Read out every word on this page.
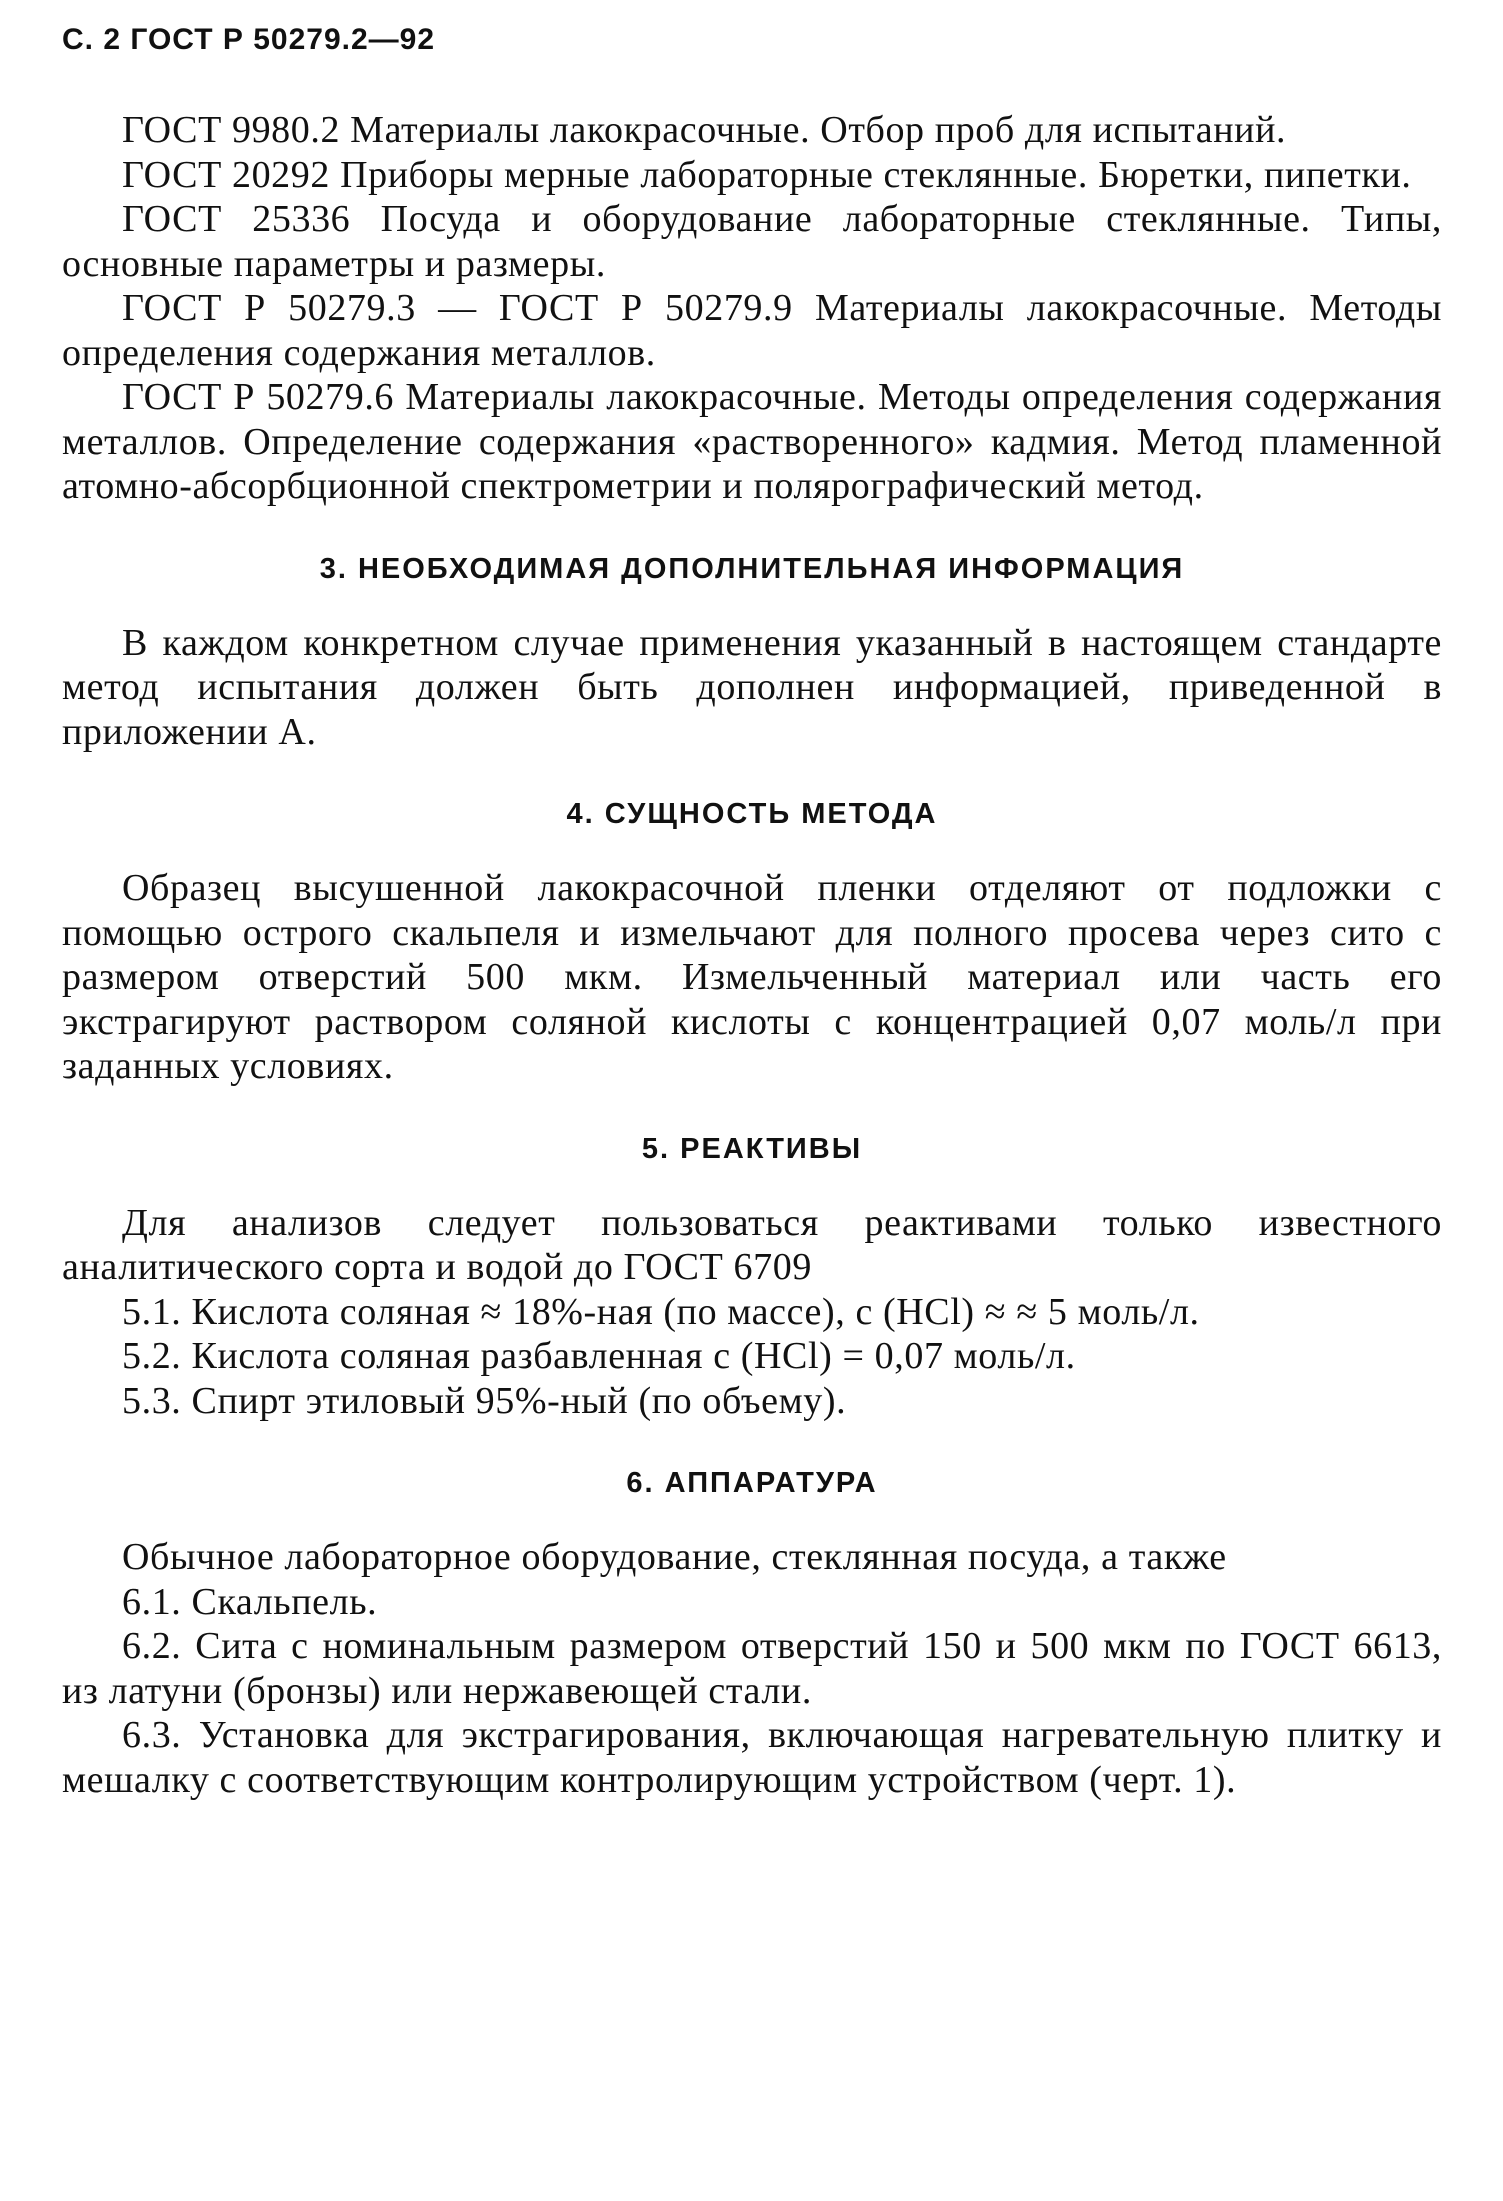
С. 2 ГОСТ Р 50279.2—92

ГОСТ 9980.2 Материалы лакокрасочные. Отбор проб для испытаний.

ГОСТ 20292 Приборы мерные лабораторные стеклянные. Бюретки, пипетки.

ГОСТ 25336 Посуда и оборудование лабораторные стеклянные. Типы, основные параметры и размеры.

ГОСТ Р 50279.3 — ГОСТ Р 50279.9 Материалы лакокрасочные. Методы определения содержания металлов.

ГОСТ Р 50279.6 Материалы лакокрасочные. Методы определения содержания металлов. Определение содержания «растворенного» кадмия. Метод пламенной атомно-абсорбционной спектрометрии и полярографический метод.

3. НЕОБХОДИМАЯ ДОПОЛНИТЕЛЬНАЯ ИНФОРМАЦИЯ

В каждом конкретном случае применения указанный в настоящем стандарте метод испытания должен быть дополнен информацией, приведенной в приложении А.

4. СУЩНОСТЬ МЕТОДА

Образец высушенной лакокрасочной пленки отделяют от подложки с помощью острого скальпеля и измельчают для полного просева через сито с размером отверстий 500 мкм. Измельченный материал или часть его экстрагируют раствором соляной кислоты с концентрацией 0,07 моль/л при заданных условиях.

5. РЕАКТИВЫ

Для анализов следует пользоваться реактивами только известного аналитического сорта и водой до ГОСТ 6709

5.1. Кислота соляная ≈ 18%-ная (по массе), с (HCl) ≈ ≈ 5 моль/л.

5.2. Кислота соляная разбавленная с (HCl) = 0,07 моль/л.

5.3. Спирт этиловый 95%-ный (по объему).

6. АППАРАТУРА

Обычное лабораторное оборудование, стеклянная посуда, а также

6.1. Скальпель.

6.2. Сита с номинальным размером отверстий 150 и 500 мкм по ГОСТ 6613, из латуни (бронзы) или нержавеющей стали.

6.3. Установка для экстрагирования, включающая нагревательную плитку и мешалку с соответствующим контролирующим устройством (черт. 1).
